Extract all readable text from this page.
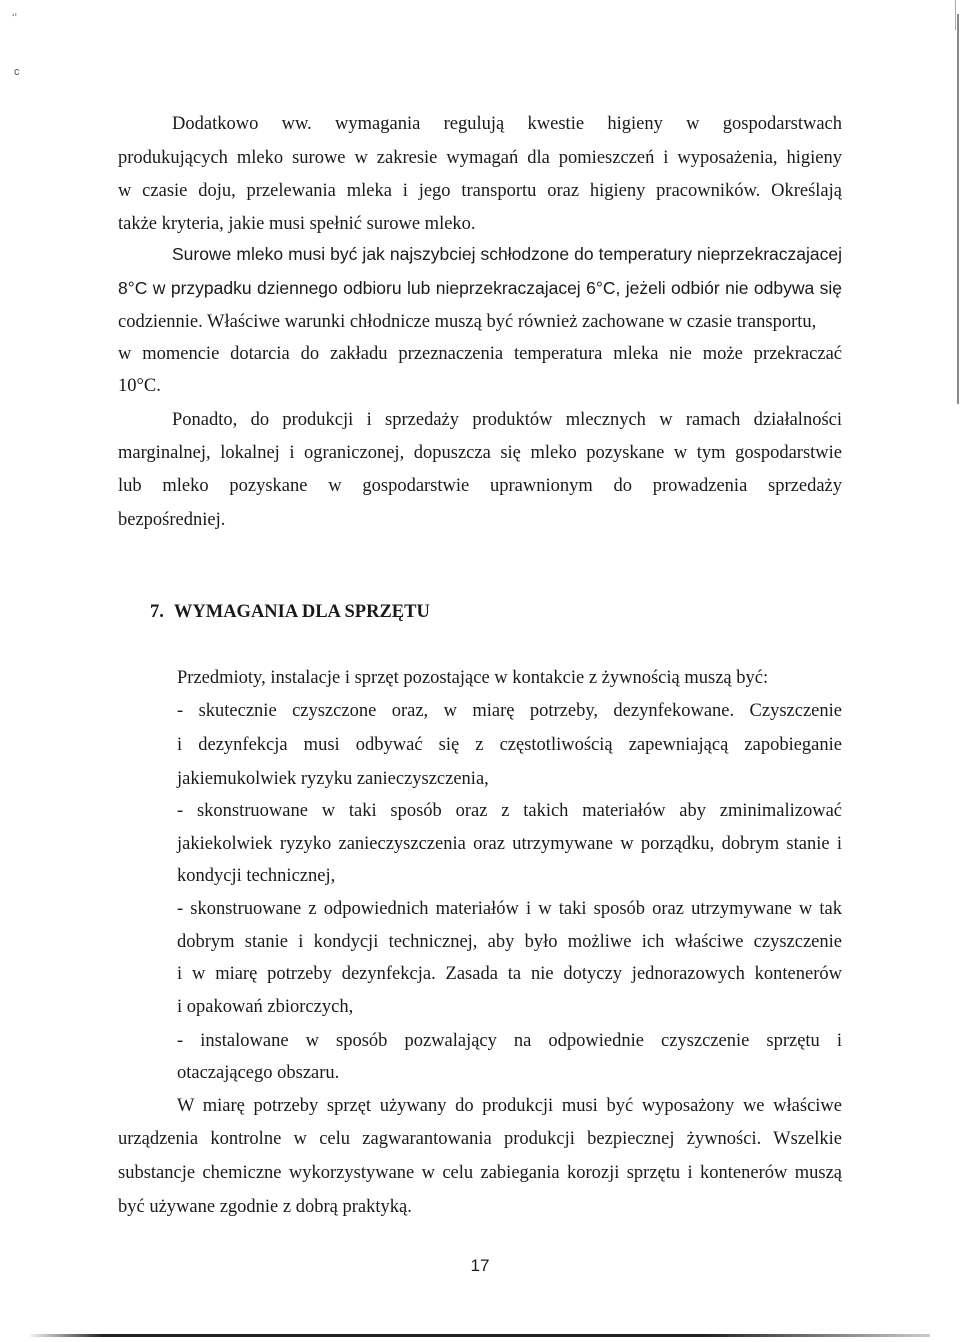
‘’
c
Dodatkowo ww. wymagania regulują kwestie higieny w gospodarstwach
produkujących mleko surowe w zakresie wymagań dla pomieszczeń i wyposażenia, higieny
w czasie doju, przelewania mleka i jego transportu oraz higieny pracowników. Określają
także kryteria, jakie musi spełnić surowe mleko.
Surowe mleko musi być jak najszybciej schłodzone do temperatury nieprzekraczajacej
8°C w przypadku dziennego odbioru lub nieprzekraczajacej 6°C, jeżeli odbiór nie odbywa się
codziennie. Właściwe warunki chłodnicze muszą być również zachowane w czasie transportu,
w momencie dotarcia do zakładu przeznaczenia temperatura mleka nie może przekraczać
10°C.
Ponadto, do produkcji i sprzedaży produktów mlecznych w ramach działalności
marginalnej, lokalnej i ograniczonej, dopuszcza się mleko pozyskane w tym gospodarstwie
lub mleko pozyskane w gospodarstwie uprawnionym do prowadzenia sprzedaży
bezpośredniej.
7. WYMAGANIA DLA SPRZĘTU
Przedmioty, instalacje i sprzęt pozostające w kontakcie z żywnością muszą być:
- skutecznie czyszczone oraz, w miarę potrzeby, dezynfekowane. Czyszczenie
i dezynfekcja musi odbywać się z częstotliwością zapewniającą zapobieganie
jakiemukolwiek ryzyku zanieczyszczenia,
- skonstruowane w taki sposób oraz z takich materiałów aby zminimalizować
jakiekolwiek ryzyko zanieczyszczenia oraz utrzymywane w porządku, dobrym stanie i
kondycji technicznej,
- skonstruowane z odpowiednich materiałów i w taki sposób oraz utrzymywane w tak
dobrym stanie i kondycji technicznej, aby było możliwe ich właściwe czyszczenie
i w miarę potrzeby dezynfekcja. Zasada ta nie dotyczy jednorazowych kontenerów
i opakowań zbiorczych,
- instalowane w sposób pozwalający na odpowiednie czyszczenie sprzętu i
otaczającego obszaru.
W miarę potrzeby sprzęt używany do produkcji musi być wyposażony we właściwe
urządzenia kontrolne w celu zagwarantowania produkcji bezpiecznej żywności. Wszelkie
substancje chemiczne wykorzystywane w celu zabiegania korozji sprzętu i kontenerów muszą
być używane zgodnie z dobrą praktyką.
17
